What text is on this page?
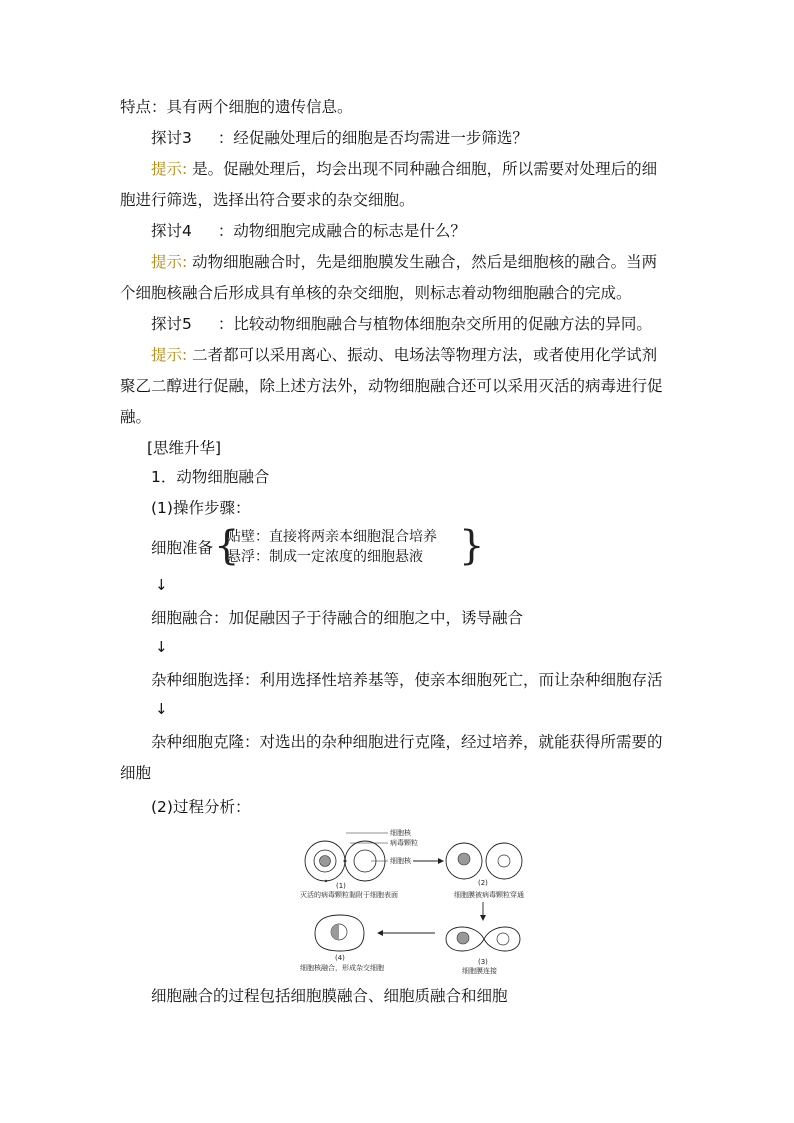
特点：具有两个细胞的遗传信息。
探讨3 ：经促融处理后的细胞是否均需进一步筛选？
提示: 是。促融处理后，均会出现不同种融合细胞，所以需要对处理后的细
胞进行筛选，选择出符合要求的杂交细胞。
探讨4 ：动物细胞完成融合的标志是什么？
提示: 动物细胞融合时，先是细胞膜发生融合，然后是细胞核的融合。当两
个细胞核融合后形成具有单核的杂交细胞，则标志着动物细胞融合的完成。
探讨5 ：比较动物细胞融合与植物体细胞杂交所用的促融方法的异同。
提示: 二者都可以采用离心、振动、电场法等物理方法，或者使用化学试剂
聚乙二醇进行促融，除上述方法外，动物细胞融合还可以采用灭活的病毒进行促
融。
[思维升华]
1．动物细胞融合
(1)操作步骤：
细胞准备 {
贴壁：直接将两亲本细胞混合培养
悬浮：制成一定浓度的细胞悬液 }
↓
细胞融合：加促融因子于待融合的细胞之中，诱导融合
↓
杂种细胞选择：利用选择性培养基等，使亲本细胞死亡，而让杂种细胞存活
↓
杂种细胞克隆：对选出的杂种细胞进行克隆，经过培养，就能获得所需要的
细胞
(2)过程分析：
细胞核
病毒颗粒
细胞核
(1)
灭活的病毒颗粒黏附于细胞表面
(2)
细胞膜被病毒颗粒穿通
(3)
细胞膜连接
(4)
细胞核融合，形成杂交细胞
细胞融合的过程包括细胞膜融合、细胞质融合和细胞
